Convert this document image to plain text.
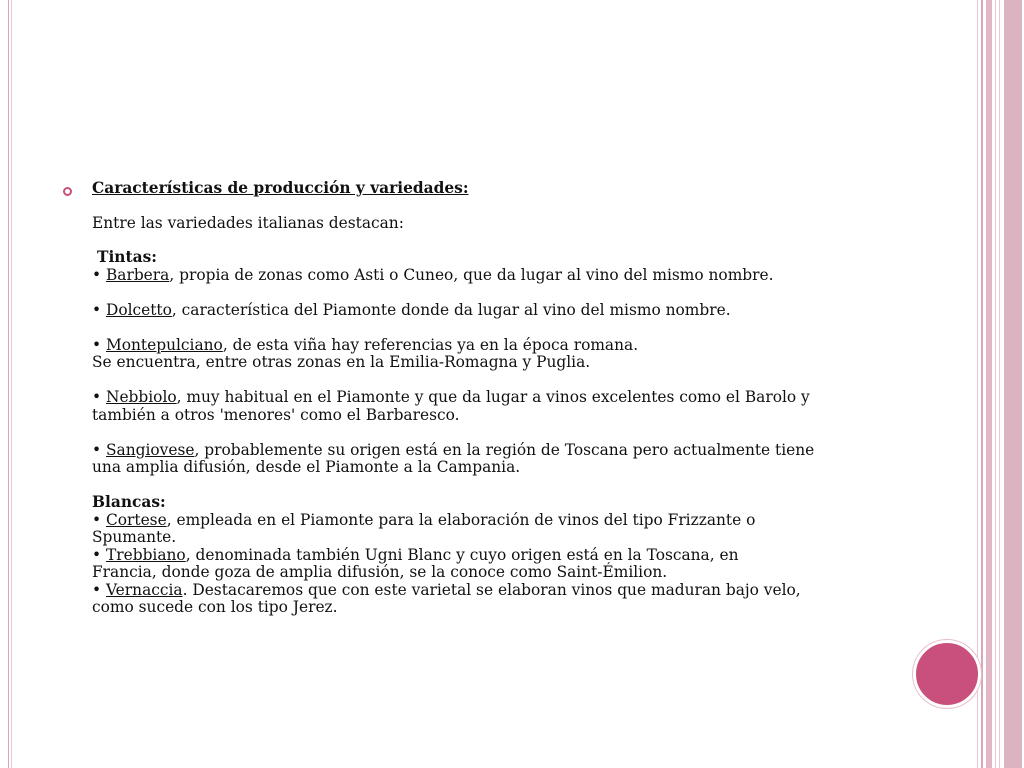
Características de producción y variedades:

Entre las variedades italianas destacan:

Tintas:

• Barbera, propia de zonas como Asti o Cuneo, que da lugar al vino del mismo nombre.

• Dolcetto, característica del Piamonte donde da lugar al vino del mismo nombre.

• Montepulciano, de esta viña hay referencias ya en la época romana.
Se encuentra, entre otras zonas en la Emilia-Romagna y Puglia.

• Nebbiolo, muy habitual en el Piamonte y que da lugar a vinos excelentes como el Barolo y
también a otros 'menores' como el Barbaresco.

• Sangiovese, probablemente su origen está en la región de Toscana pero actualmente tiene
una amplia difusión, desde el Piamonte a la Campania.

Blancas:

• Cortese, empleada en el Piamonte para la elaboración de vinos del tipo Frizzante o
Spumante.

• Trebbiano, denominada también Ugni Blanc y cuyo origen está en la Toscana, en
Francia, donde goza de amplia difusión, se la conoce como Saint-Émilion.

• Vernaccia. Destacaremos que con este varietal se elaboran vinos que maduran bajo velo,
como sucede con los tipo Jerez.
